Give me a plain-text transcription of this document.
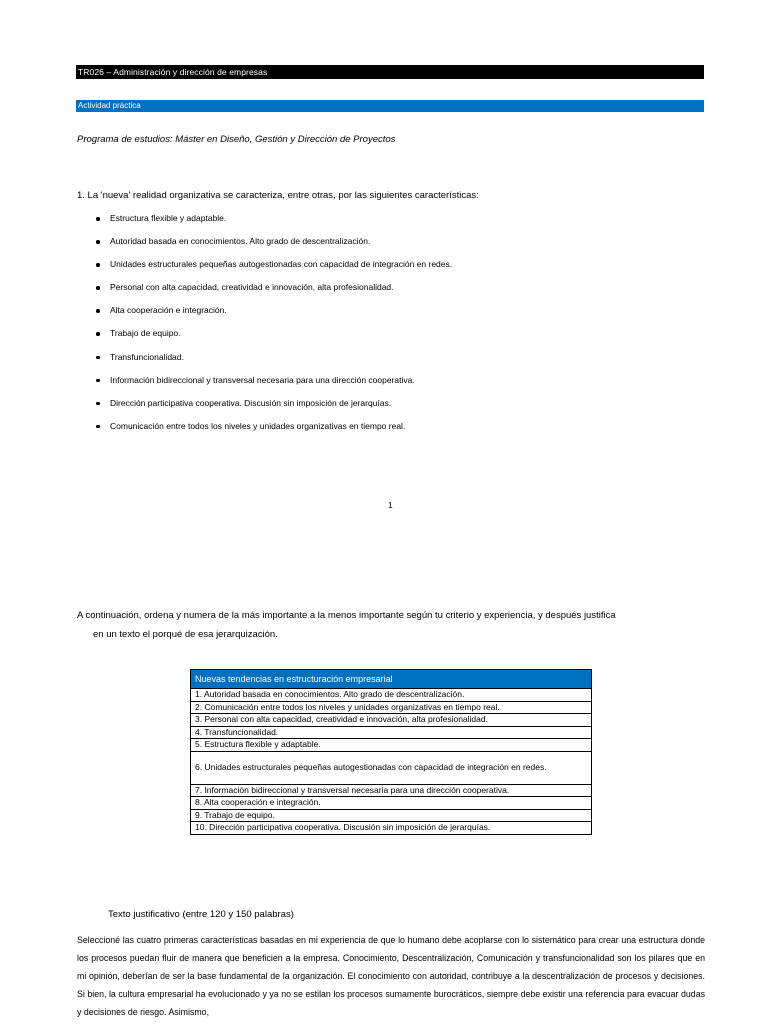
TR026 – Administración y dirección de empresas
Actividad práctica
Programa de estudios: Máster en Diseño, Gestión y Dirección de Proyectos
1. La 'nueva' realidad organizativa se caracteriza, entre otras, por las siguientes características:
Estructura flexible y adaptable.
Autoridad basada en conocimientos. Alto grado de descentralización.
Unidades estructurales pequeñas autogestionadas con capacidad de integración en redes.
Personal con alta capacidad, creatividad e innovación, alta profesionalidad.
Alta cooperación e integración.
Trabajo de equipo.
Transfuncionalidad.
Información bidireccional y transversal necesaria para una dirección cooperativa.
Dirección participativa cooperativa. Discusión sin imposición de jerarquías.
Comunicación entre todos los niveles y unidades organizativas en tiempo real.
1
A continuación, ordena y numera de la más importante a la menos importante según tu criterio y experiencia, y después justifica
en un texto el porqué de esa jerarquización.
Nuevas tendencias en estructuración empresarial
1. Autoridad basada en conocimientos. Alto grado de descentralización.
2. Comunicación entre todos los niveles y unidades organizativas en tiempo real.
3. Personal con alta capacidad, creatividad e innovación, alta profesionalidad.
4. Transfuncionalidad.
5. Estructura flexible y adaptable.
6. Unidades estructurales pequeñas autogestionadas con capacidad de integración en redes.
7. Información bidireccional y transversal necesaria para una dirección cooperativa.
8. Alta cooperación e integración.
9. Trabajo de equipo.
10. Dirección participativa cooperativa. Discusión sin imposición de jerarquías.
Texto justificativo (entre 120 y 150 palabras)
Seleccioné las cuatro primeras características basadas en mi experiencia de que lo humano debe acoplarse con lo sistemático para crear una estructura donde los procesos puedan fluir de manera que beneficien a la empresa. Conocimiento, Descentralización, Comunicación y transfuncionalidad son los pilares que en mi opinión, deberían de ser la base fundamental de la organización. El conocimiento con autoridad, contribuye a la descentralización de procesos y decisiones. Si bien, la cultura empresarial ha evolucionado y ya no se estilan los procesos sumamente burocráticos, siempre debe existir una referencia para evacuar dudas y decisiones de riesgo. Asimismo,
